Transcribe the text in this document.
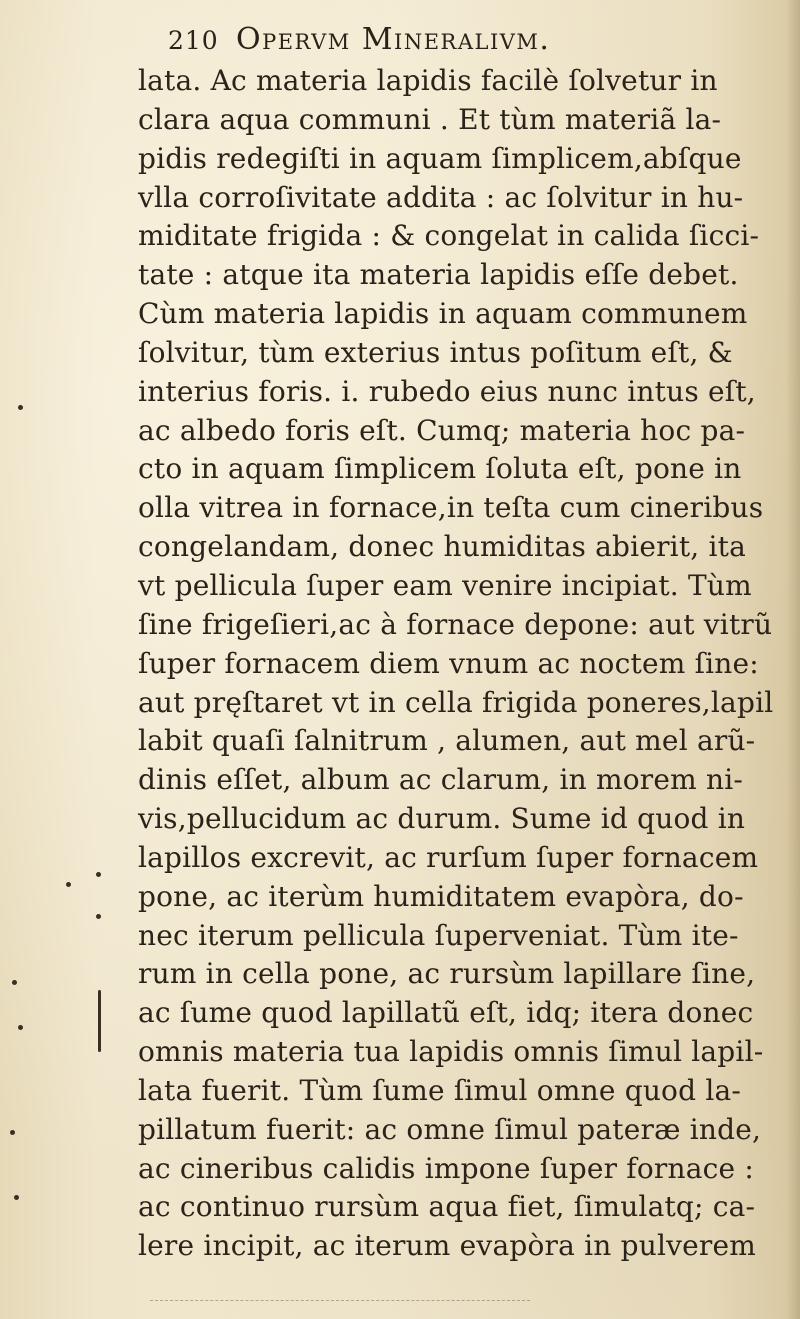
210 Opervm Mineralivm.
lata. Ac materia lapidis facilè ſolvetur in
clara aqua communi . Et tùm materiã la-
pidis redegiſti in aquam ſimplicem,abſque
vlla corroſivitate addita : ac ſolvitur in hu-
miditate frigida : & congelat in calida ſicci-
tate : atque ita materia lapidis eſſe debet.
Cùm materia lapidis in aquam communem
ſolvitur, tùm exterius intus poſitum eſt, &
interius foris. i. rubedo eius nunc intus eſt,
ac albedo foris eſt. Cumq; materia hoc pa-
cto in aquam ſimplicem ſoluta eſt, pone in
olla vitrea in fornace,in teſta cum cineribus
congelandam, donec humiditas abierit, ita
vt pellicula ſuper eam venire incipiat. Tùm
ſine frigeſieri,ac à fornace depone: aut vitrũ
ſuper fornacem diem vnum ac noctem ſine:
aut pręſtaret vt in cella frigida poneres,lapil
labit quaſi ſalnitrum , alumen, aut mel arũ-
dinis eſſet, album ac clarum, in morem ni-
vis,pellucidum ac durum. Sume id quod in
lapillos excrevit, ac rurſum ſuper fornacem
pone, ac iterùm humiditatem evapòra, do-
nec iterum pellicula ſuperveniat. Tùm ite-
rum in cella pone, ac rursùm lapillare ſine,
ac ſume quod lapillatũ eſt, idq; itera donec
omnis materia tua lapidis omnis ſimul lapil-
lata fuerit. Tùm ſume ſimul omne quod la-
pillatum fuerit: ac omne ſimul pateræ inde,
ac cineribus calidis impone ſuper fornace :
ac continuo rursùm aqua fiet, ſimulatq; ca-
lere incipit, ac iterum evapòra in pulverem
